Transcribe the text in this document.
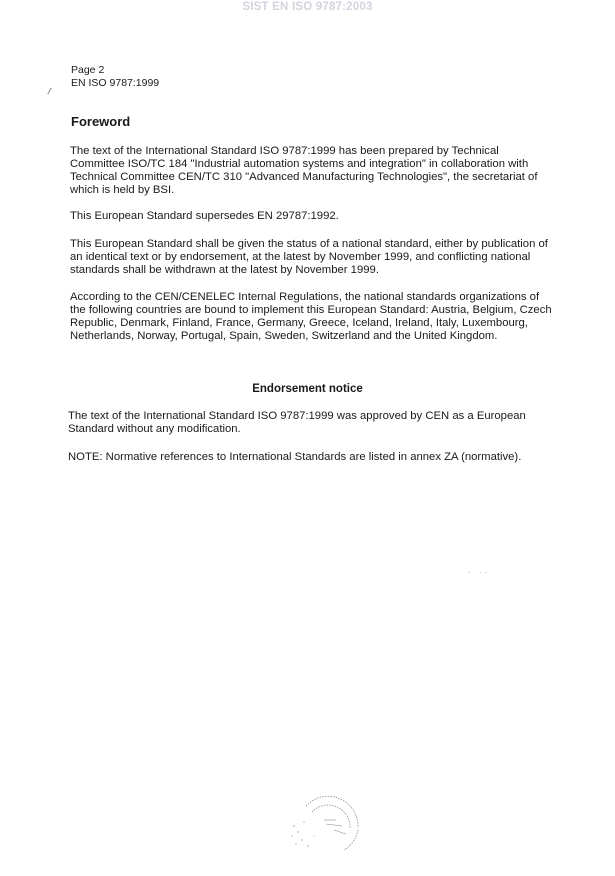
SIST EN ISO 9787:2003
Page 2
EN ISO 9787:1999
Foreword

The text of the International Standard ISO 9787:1999 has been prepared by Technical Committee ISO/TC 184 "Industrial automation systems and integration" in collaboration with Technical Committee CEN/TC 310 "Advanced Manufacturing Technologies", the secretariat of which is held by BSI.

This European Standard supersedes EN 29787:1992.

This European Standard shall be given the status of a national standard, either by publication of an identical text or by endorsement, at the latest by November 1999, and conflicting national standards shall be withdrawn at the latest by November 1999.

According to the CEN/CENELEC Internal Regulations, the national standards organizations of the following countries are bound to implement this European Standard: Austria, Belgium, Czech Republic, Denmark, Finland, France, Germany, Greece, Iceland, Ireland, Italy, Luxembourg, Netherlands, Norway, Portugal, Spain, Sweden, Switzerland and the United Kingdom.

Endorsement notice

The text of the International Standard ISO 9787:1999 was approved by CEN as a European Standard without any modification.

NOTE: Normative references to International Standards are listed in annex ZA (normative).

· ··
